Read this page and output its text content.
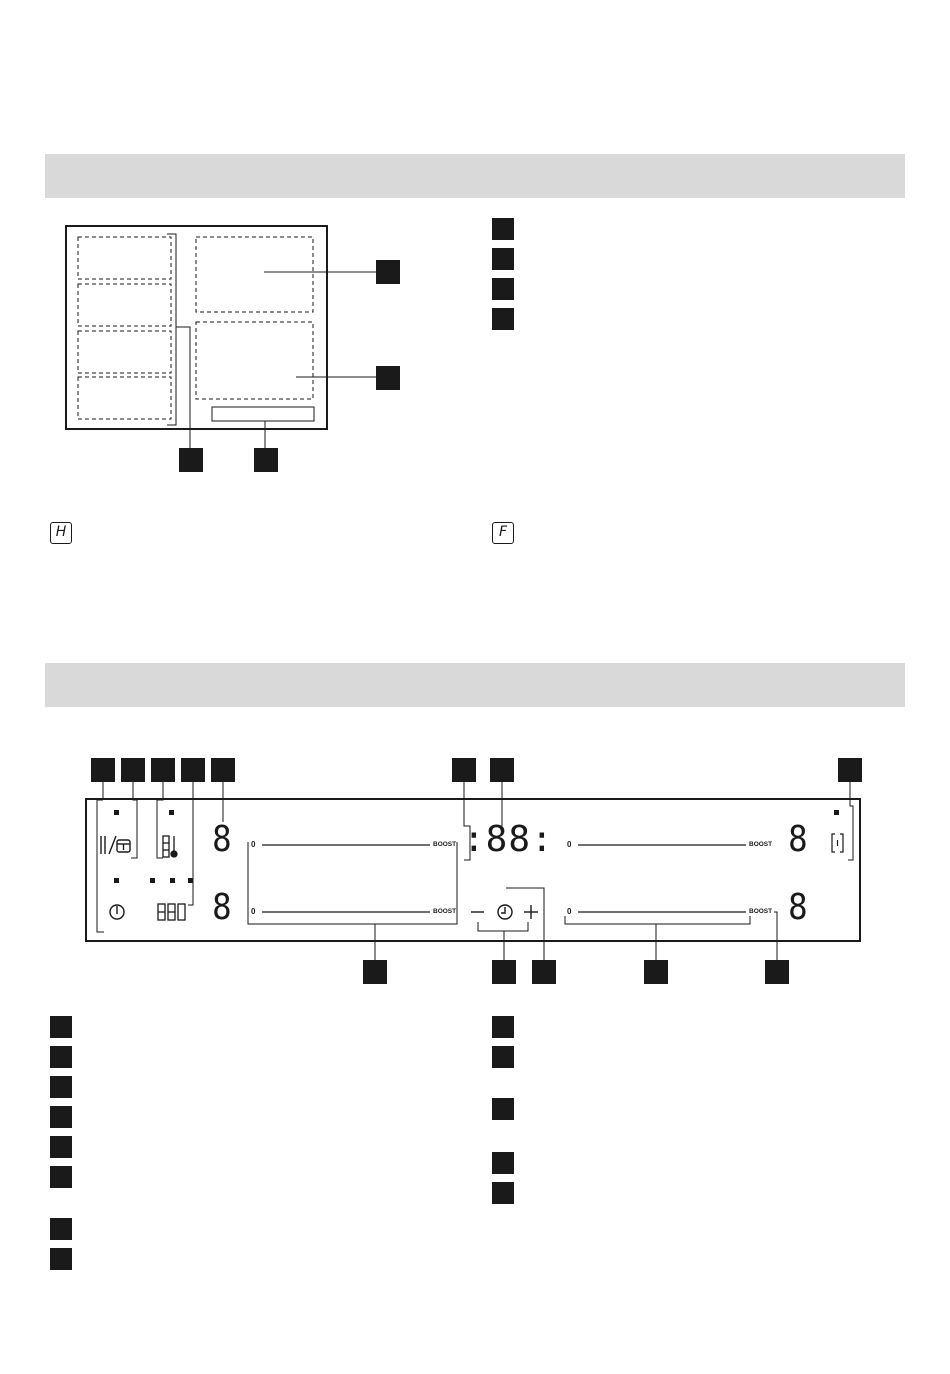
H	F
0	BOOST
0	BOOST
0	BOOST
0	BOOST
8
8
8
8
:88:
